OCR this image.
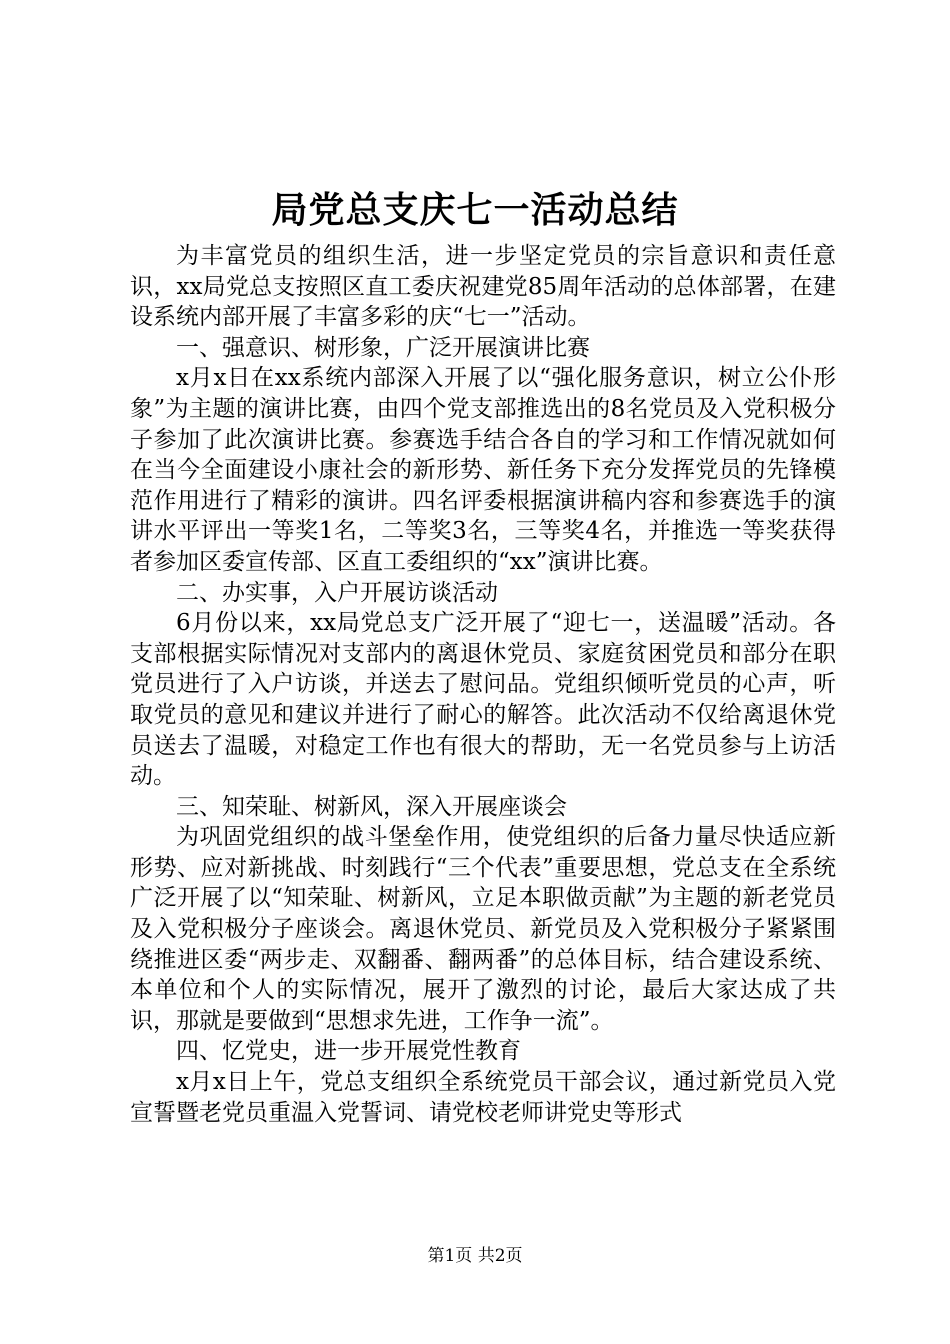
局党总支庆七一活动总结

为丰富党员的组织生活，进一步坚定党员的宗旨意识和责任意识，xx局党总支按照区直工委庆祝建党85周年活动的总体部署，在建设系统内部开展了丰富多彩的庆“七一”活动。

一、强意识、树形象，广泛开展演讲比赛

x月x日在xx系统内部深入开展了以“强化服务意识，树立公仆形象”为主题的演讲比赛，由四个党支部推选出的8名党员及入党积极分子参加了此次演讲比赛。参赛选手结合各自的学习和工作情况就如何在当今全面建设小康社会的新形势、新任务下充分发挥党员的先锋模范作用进行了精彩的演讲。四名评委根据演讲稿内容和参赛选手的演讲水平评出一等奖1名，二等奖3名，三等奖4名，并推选一等奖获得者参加区委宣传部、区直工委组织的“xx”演讲比赛。

二、办实事，入户开展访谈活动

6月份以来，xx局党总支广泛开展了“迎七一，送温暖”活动。各支部根据实际情况对支部内的离退休党员、家庭贫困党员和部分在职党员进行了入户访谈，并送去了慰问品。党组织倾听党员的心声，听取党员的意见和建议并进行了耐心的解答。此次活动不仅给离退休党员送去了温暖，对稳定工作也有很大的帮助，无一名党员参与上访活动。

三、知荣耻、树新风，深入开展座谈会

为巩固党组织的战斗堡垒作用，使党组织的后备力量尽快适应新形势、应对新挑战、时刻践行“三个代表”重要思想，党总支在全系统广泛开展了以“知荣耻、树新风，立足本职做贡献”为主题的新老党员及入党积极分子座谈会。离退休党员、新党员及入党积极分子紧紧围绕推进区委“两步走、双翻番、翻两番”的总体目标，结合建设系统、本单位和个人的实际情况，展开了激烈的讨论，最后大家达成了共识，那就是要做到“思想求先进，工作争一流”。

四、忆党史，进一步开展党性教育

x月x日上午，党总支组织全系统党员干部会议，通过新党员入党宣誓暨老党员重温入党誓词、请党校老师讲党史等形式

第1页 共2页
